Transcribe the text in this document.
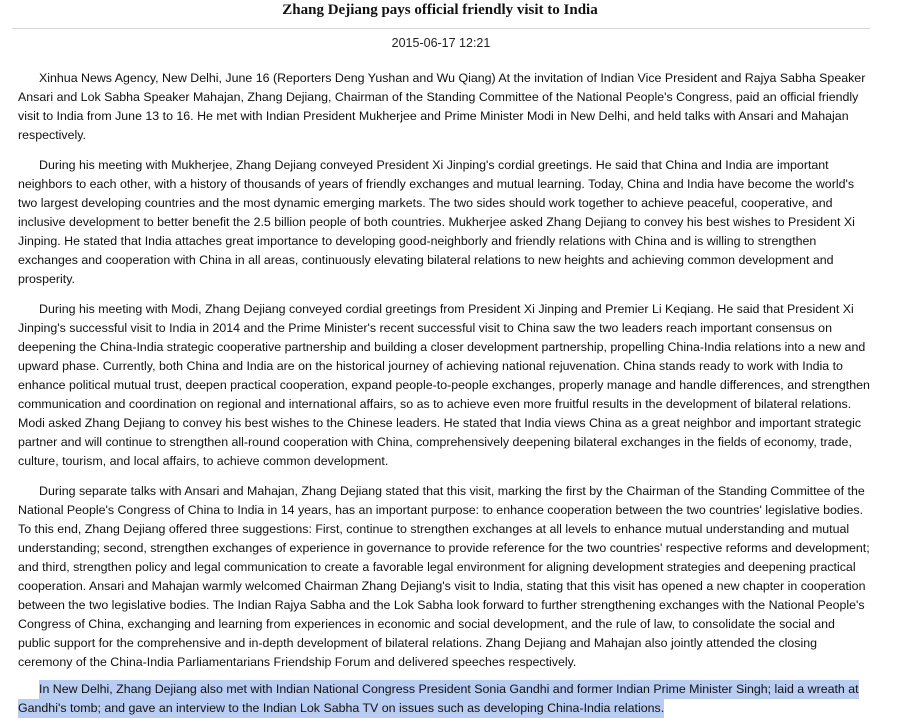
Zhang Dejiang pays official friendly visit to India
2015-06-17 12:21

Xinhua News Agency, New Delhi, June 16 (Reporters Deng Yushan and Wu Qiang) At the invitation of Indian Vice President and Rajya Sabha Speaker Ansari and Lok Sabha Speaker Mahajan, Zhang Dejiang, Chairman of the Standing Committee of the National People's Congress, paid an official friendly visit to India from June 13 to 16. He met with Indian President Mukherjee and Prime Minister Modi in New Delhi, and held talks with Ansari and Mahajan respectively.

During his meeting with Mukherjee, Zhang Dejiang conveyed President Xi Jinping's cordial greetings. He said that China and India are important neighbors to each other, with a history of thousands of years of friendly exchanges and mutual learning. Today, China and India have become the world's two largest developing countries and the most dynamic emerging markets. The two sides should work together to achieve peaceful, cooperative, and inclusive development to better benefit the 2.5 billion people of both countries. Mukherjee asked Zhang Dejiang to convey his best wishes to President Xi Jinping. He stated that India attaches great importance to developing good-neighborly and friendly relations with China and is willing to strengthen exchanges and cooperation with China in all areas, continuously elevating bilateral relations to new heights and achieving common development and prosperity.

During his meeting with Modi, Zhang Dejiang conveyed cordial greetings from President Xi Jinping and Premier Li Keqiang. He said that President Xi Jinping's successful visit to India in 2014 and the Prime Minister's recent successful visit to China saw the two leaders reach important consensus on deepening the China-India strategic cooperative partnership and building a closer development partnership, propelling China-India relations into a new and upward phase. Currently, both China and India are on the historical journey of achieving national rejuvenation. China stands ready to work with India to enhance political mutual trust, deepen practical cooperation, expand people-to-people exchanges, properly manage and handle differences, and strengthen communication and coordination on regional and international affairs, so as to achieve even more fruitful results in the development of bilateral relations. Modi asked Zhang Dejiang to convey his best wishes to the Chinese leaders. He stated that India views China as a great neighbor and important strategic partner and will continue to strengthen all-round cooperation with China, comprehensively deepening bilateral exchanges in the fields of economy, trade, culture, tourism, and local affairs, to achieve common development.

During separate talks with Ansari and Mahajan, Zhang Dejiang stated that this visit, marking the first by the Chairman of the Standing Committee of the National People's Congress of China to India in 14 years, has an important purpose: to enhance cooperation between the two countries' legislative bodies. To this end, Zhang Dejiang offered three suggestions: First, continue to strengthen exchanges at all levels to enhance mutual understanding and mutual understanding; second, strengthen exchanges of experience in governance to provide reference for the two countries' respective reforms and development; and third, strengthen policy and legal communication to create a favorable legal environment for aligning development strategies and deepening practical cooperation. Ansari and Mahajan warmly welcomed Chairman Zhang Dejiang's visit to India, stating that this visit has opened a new chapter in cooperation between the two legislative bodies. The Indian Rajya Sabha and the Lok Sabha look forward to further strengthening exchanges with the National People's Congress of China, exchanging and learning from experiences in economic and social development, and the rule of law, to consolidate the social and public support for the comprehensive and in-depth development of bilateral relations. Zhang Dejiang and Mahajan also jointly attended the closing ceremony of the China-India Parliamentarians Friendship Forum and delivered speeches respectively.

In New Delhi, Zhang Dejiang also met with Indian National Congress President Sonia Gandhi and former Indian Prime Minister Singh; laid a wreath at Gandhi's tomb; and gave an interview to the Indian Lok Sabha TV on issues such as developing China-India relations.
